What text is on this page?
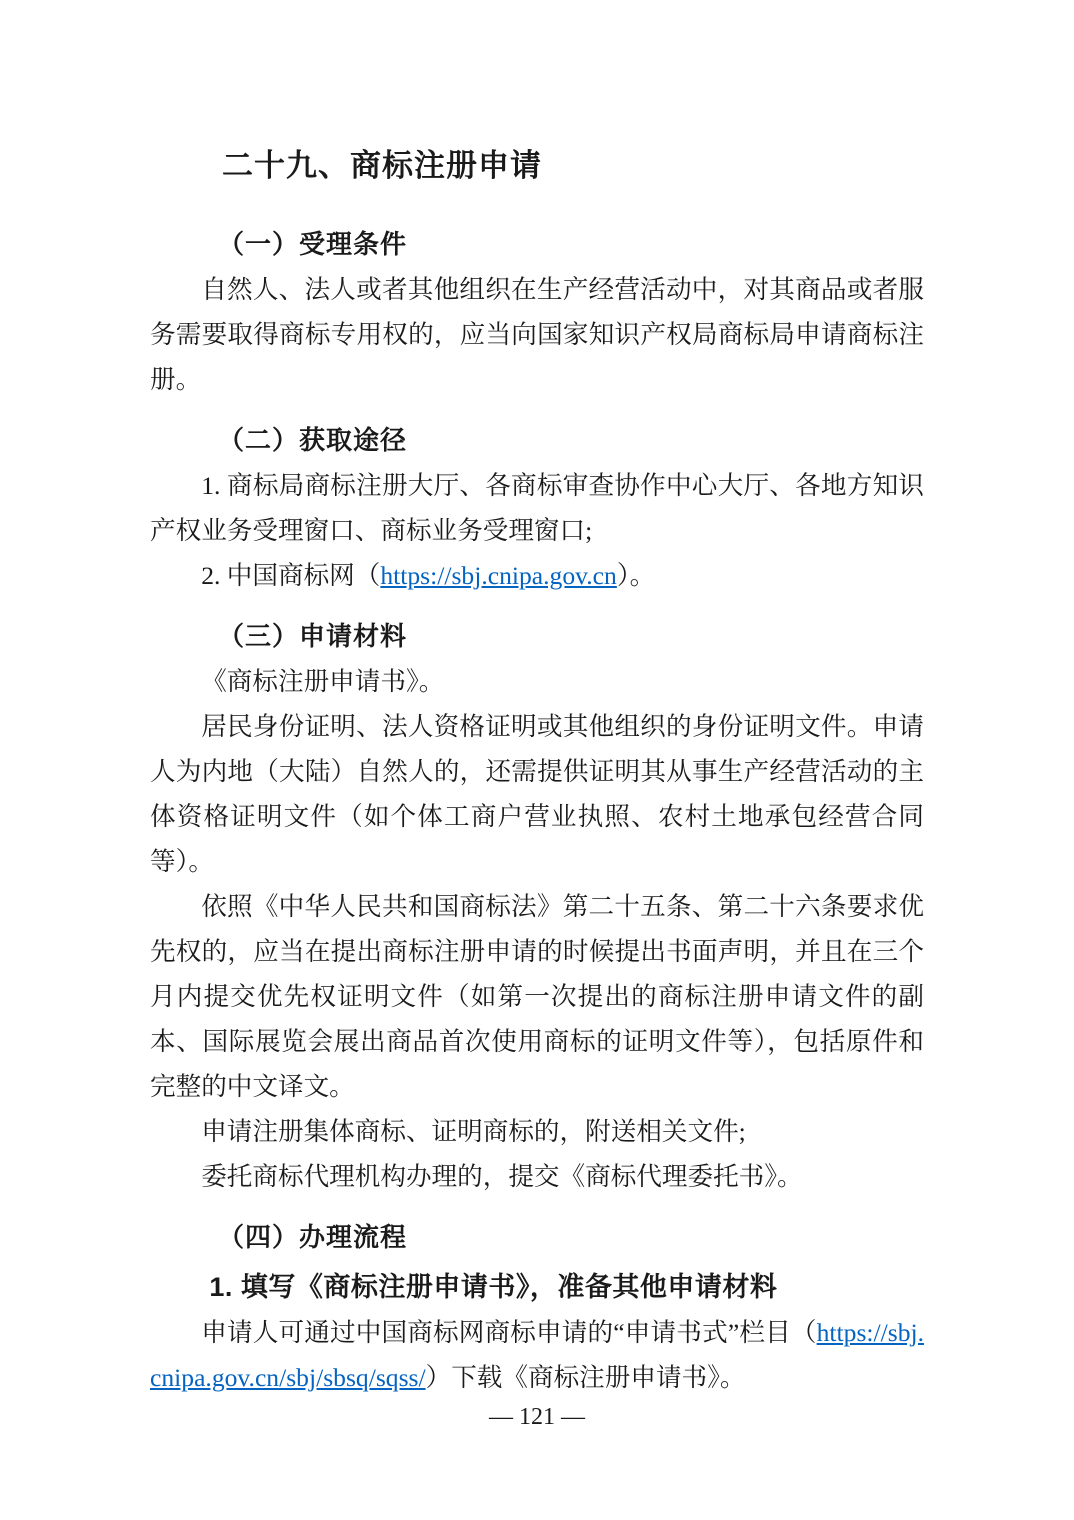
二十九、商标注册申请
（一）受理条件

自然人、法人或者其他组织在生产经营活动中，对其商品或者服务需要取得商标专用权的，应当向国家知识产权局商标局申请商标注册。

（二）获取途径

1. 商标局商标注册大厅、各商标审查协作中心大厅、各地方知识产权业务受理窗口、商标业务受理窗口;

2. 中国商标网（https://sbj.cnipa.gov.cn）。

（三）申请材料

《商标注册申请书》。

居民身份证明、法人资格证明或其他组织的身份证明文件。申请人为内地（大陆）自然人的，还需提供证明其从事生产经营活动的主体资格证明文件（如个体工商户营业执照、农村土地承包经营合同等）。

依照《中华人民共和国商标法》第二十五条、第二十六条要求优先权的，应当在提出商标注册申请的时候提出书面声明，并且在三个月内提交优先权证明文件（如第一次提出的商标注册申请文件的副本、国际展览会展出商品首次使用商标的证明文件等），包括原件和完整的中文译文。

申请注册集体商标、证明商标的，附送相关文件;

委托商标代理机构办理的，提交《商标代理委托书》。

（四）办理流程

1. 填写《商标注册申请书》，准备其他申请材料

申请人可通过中国商标网商标申请的“申请书式”栏目（https://sbj.cnipa.gov.cn/sbj/sbsq/sqss/）下载《商标注册申请书》。

— 121 —
